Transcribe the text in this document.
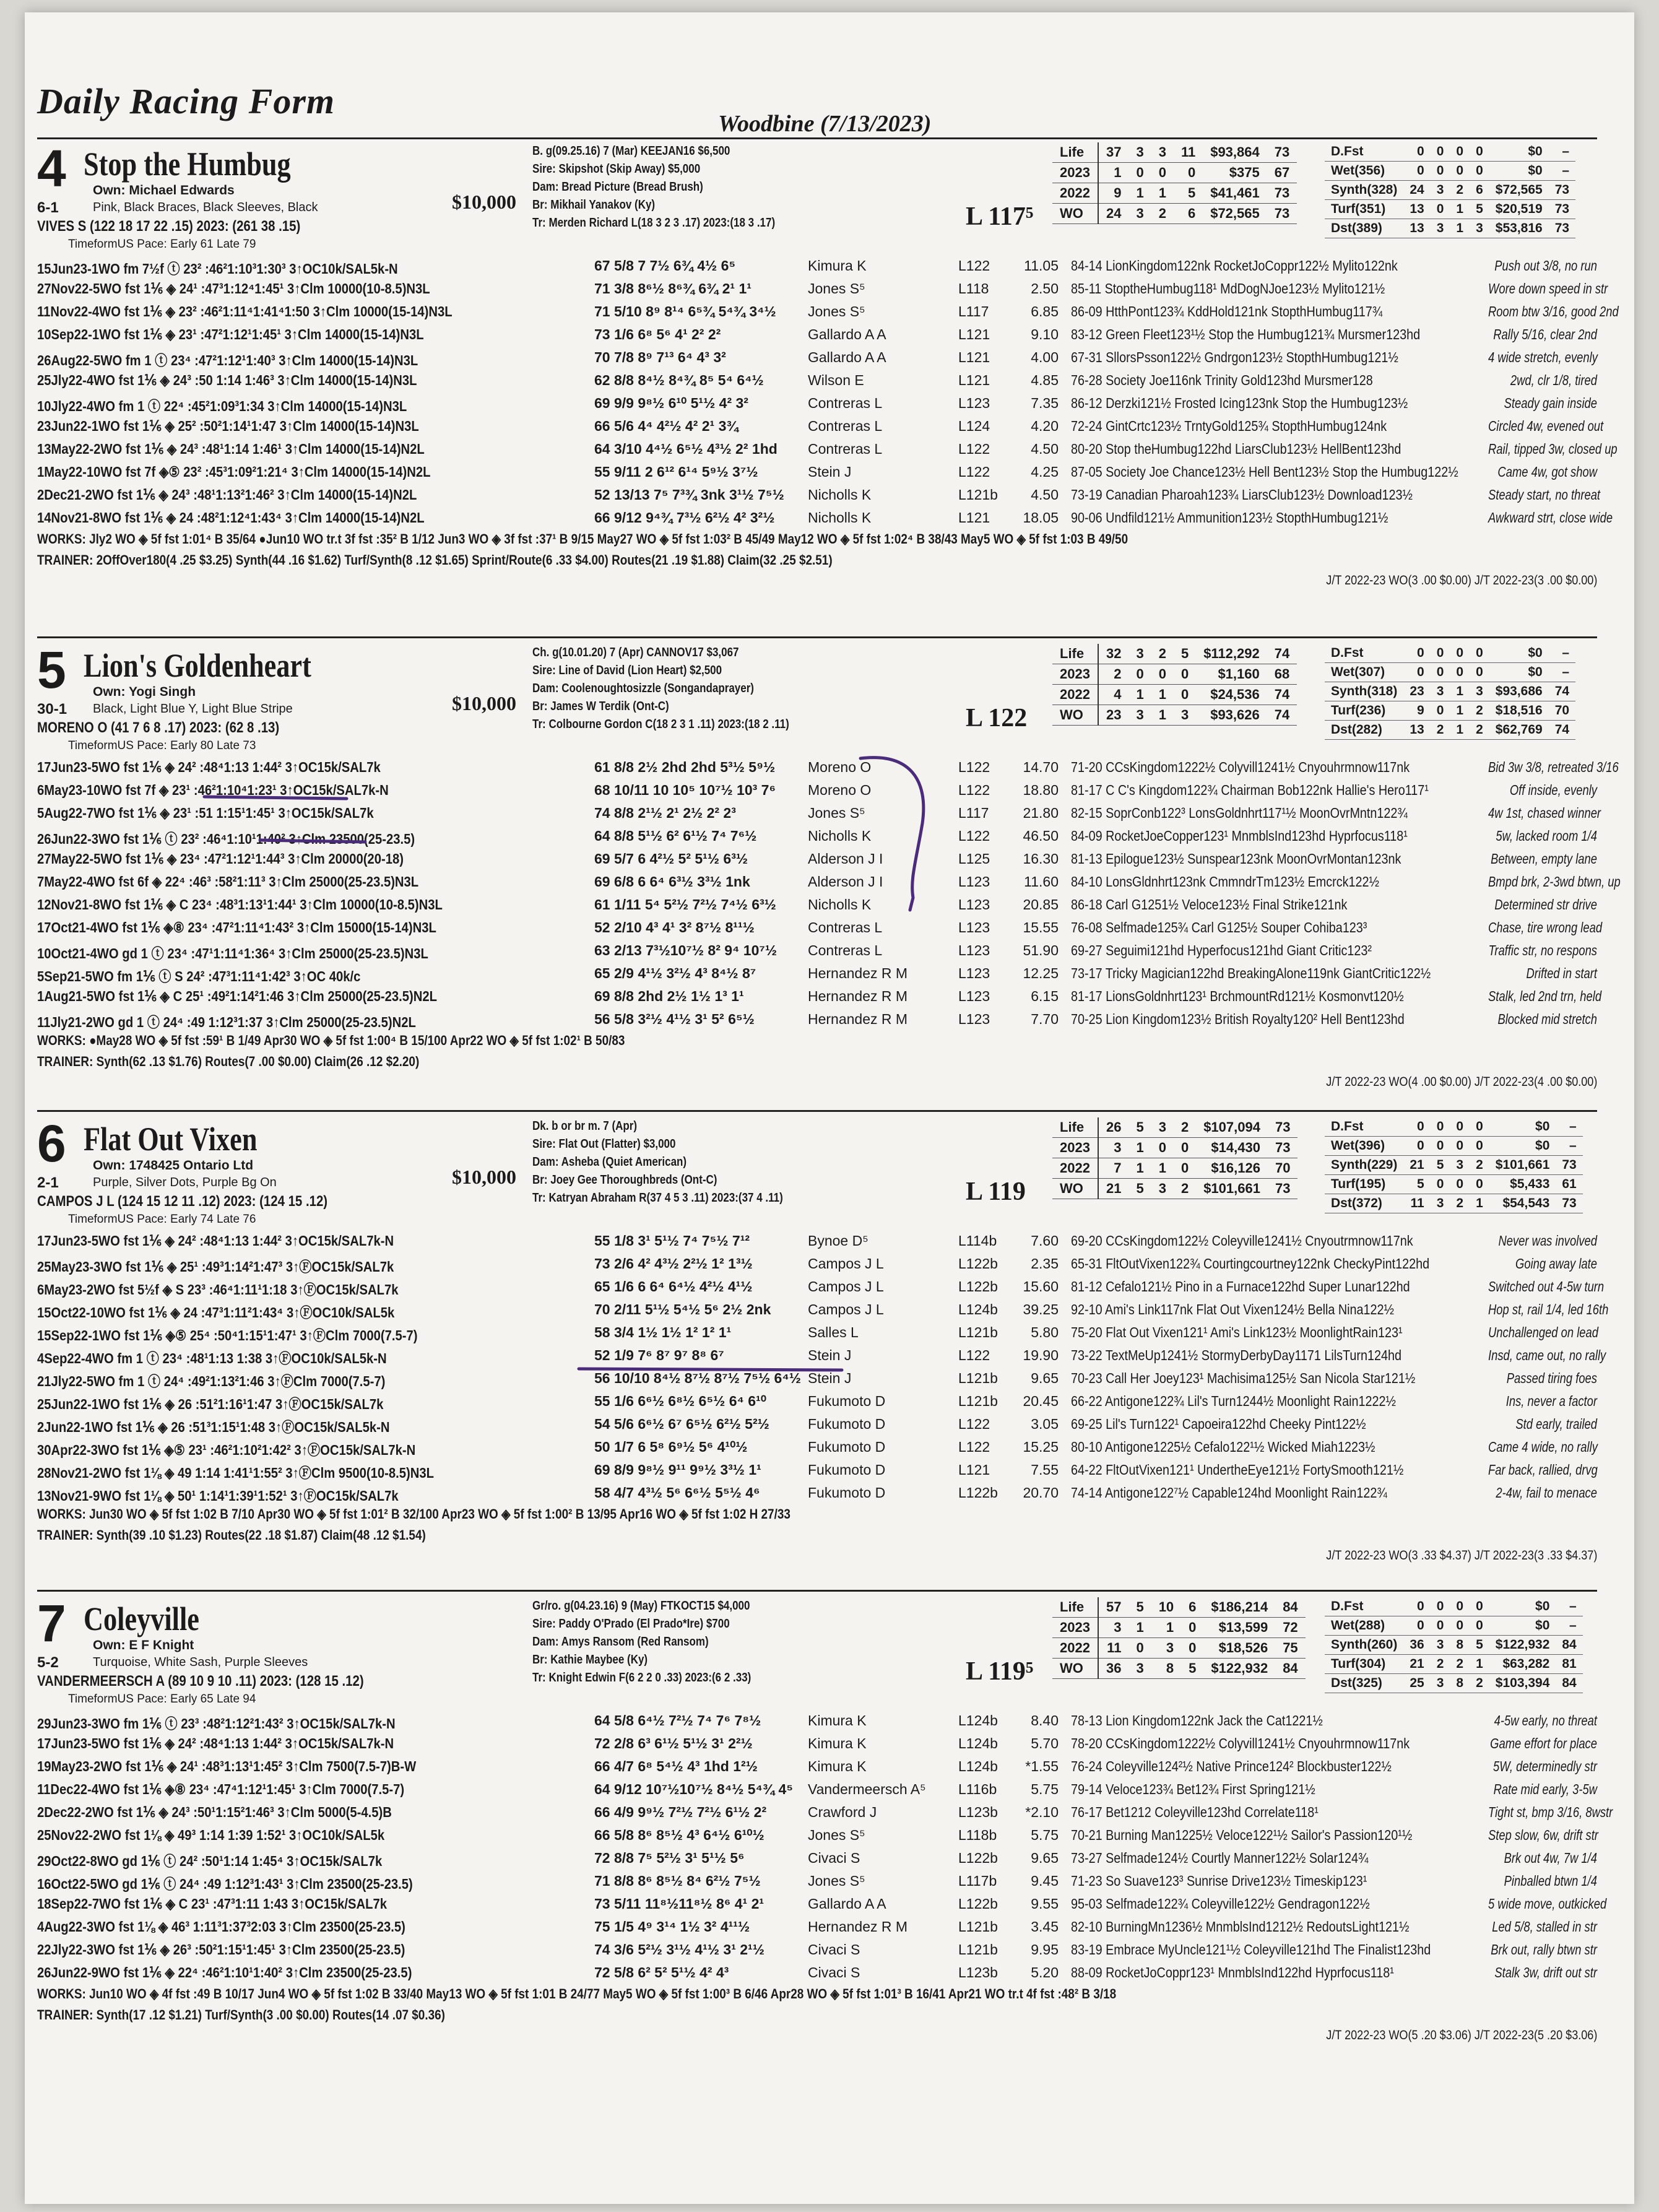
Daily Racing Form
Woodbine (7/13/2023)
4 Stop the Humbug
Own: Michael Edwards
6-1	Pink, Black Braces, Black Sleeves, Black
VIVES S (122 18 17 22 .15) 2023: (261 38 .15)
TimeformUS Pace: Early 61 Late 79
$10,000
L 117⁵
B. g(09.25.16) 7 (Mar) KEEJAN16 $6,500
Sire: Skipshot (Skip Away) $5,000
Dam: Bread Picture (Bread Brush)
Br: Mikhail Yanakov (Ky)
Tr: Merden Richard L(18 3 2 3 .17) 2023:(18 3 .17)
Life	37	3	3	11	$93,864	73
2023	1	0	0	0	$375	67
2022	9	1	1	5	$41,461	73
WO	24	3	2	6	$72,565	73
D.Fst	0	0	0	0	$0	–
Wet(356)	0	0	0	0	$0	–
Synth(328)	24	3	2	6	$72,565	73
Turf(351)	13	0	1	5	$20,519	73
Dst(389)	13	3	1	3	$53,816	73
15Jun23-1WO fm 7½f ⓣ 23² :46²1:10³1:30³ 3↑OC10k/SAL5k-N	67 5/8 7 7½ 6¾ 4½ 6⁵	Kimura K	L122	11.05 84-14 LionKingdom122nk RocketJoCoppr122½ Mylito122nk	Push out 3/8, no run
27Nov22-5WO fst 1⅙ ◈ 24¹ :47³1:12⁴1:45¹ 3↑Clm 10000(10-8.5)N3L	71 3/8 8⁶½ 8⁶¾ 6¾ 2¹ 1¹	Jones S⁵	L118	2.50 85-11 StoptheHumbug118¹ MdDogNJoe123½ Mylito121½	Wore down speed in str
11Nov22-4WO fst 1⅙ ◈ 23² :46²1:11⁴1:41⁴1:50 3↑Clm 10000(15-14)N3L	71 5/10 8⁹ 8¹⁴ 6⁵¾ 5⁴¾ 3⁴½	Jones S⁵	L117	6.85 86-09 HtthPont123¾ KddHold121nk StopthHumbug117¾	Room btw 3/16, good 2nd
10Sep22-1WO fst 1⅙ ◈ 23¹ :47²1:12¹1:45¹ 3↑Clm 14000(15-14)N3L	73 1/6 6⁸ 5⁶ 4¹ 2² 2²	Gallardo A A	L121	9.10 83-12 Green Fleet123¹½ Stop the Humbug121¾ Mursmer123hd	Rally 5/16, clear 2nd
26Aug22-5WO fm 1 ⓣ 23⁴ :47²1:12¹1:40³ 3↑Clm 14000(15-14)N3L	70 7/8 8⁹ 7¹³ 6⁴ 4³ 3²	Gallardo A A	L121	4.00 67-31 SllorsPsson122½ Gndrgon123½ StopthHumbug121½	4 wide stretch, evenly
25Jly22-4WO fst 1⅙ ◈ 24³ :50 1:14 1:46³ 3↑Clm 14000(15-14)N3L	62 8/8 8⁴½ 8⁴¾ 8⁵ 5⁴ 6⁴½	Wilson E	L121	4.85 76-28 Society Joe116nk Trinity Gold123hd Mursmer128	2wd, clr 1/8, tired
10Jly22-4WO fm 1 ⓣ 22⁴ :45²1:09³1:34 3↑Clm 14000(15-14)N3L	69 9/9 9⁸½ 6¹⁰ 5¹½ 4² 3²	Contreras L	L123	7.35 86-12 Derzki121½ Frosted Icing123nk Stop the Humbug123½	Steady gain inside
23Jun22-1WO fst 1⅙ ◈ 25² :50²1:14¹1:47 3↑Clm 14000(15-14)N3L	66 5/6 4⁴ 4²½ 4² 2¹ 3¾	Contreras L	L124	4.20 72-24 GintCrtc123½ TrntyGold125¾ StopthHumbug124nk	Circled 4w, evened out
13May22-2WO fst 1⅙ ◈ 24³ :48¹1:14 1:46¹ 3↑Clm 14000(15-14)N2L	64 3/10 4⁴½ 6⁵½ 4³½ 2² 1hd	Contreras L	L122	4.50 80-20 Stop theHumbug122hd LiarsClub123½ HellBent123hd	Rail, tipped 3w, closed up
1May22-10WO fst 7f ◈⑤ 23² :45³1:09²1:21⁴ 3↑Clm 14000(15-14)N2L	55 9/11 2 6¹² 6¹⁴ 5⁹½ 3⁷½	Stein J	L122	4.25 87-05 Society Joe Chance123½ Hell Bent123½ Stop the Humbug122½	Came 4w, got show
2Dec21-2WO fst 1⅙ ◈ 24³ :48¹1:13²1:46² 3↑Clm 14000(15-14)N2L	52 13/13 7⁵ 7³¾ 3nk 3¹½ 7⁵½	Nicholls K	L121b	4.50 73-19 Canadian Pharoah123¾ LiarsClub123½ Download123½	Steady start, no threat
14Nov21-8WO fst 1⅙ ◈ 24 :48²1:12⁴1:43⁴ 3↑Clm 14000(15-14)N2L	66 9/12 9⁴¾ 7³½ 6²½ 4² 3²½	Nicholls K	L121	18.05 90-06 Undfild121½ Ammunition123½ StopthHumbug121½	Awkward strt, close wide
WORKS: Jly2 WO ◈ 5f fst 1:01⁴ B 35/64 ●Jun10 WO tr.t 3f fst :35² B 1/12 Jun3 WO ◈ 3f fst :37¹ B 9/15 May27 WO ◈ 5f fst 1:03² B 45/49 May12 WO ◈ 5f fst 1:02⁴ B 38/43 May5 WO ◈ 5f fst 1:03 B 49/50
TRAINER: 2OffOver180(4 .25 $3.25) Synth(44 .16 $1.62) Turf/Synth(8 .12 $1.65) Sprint/Route(6 .33 $4.00) Routes(21 .19 $1.88) Claim(32 .25 $2.51)
J/T 2022-23 WO(3 .00 $0.00) J/T 2022-23(3 .00 $0.00)
5 Lion's Goldenheart
Own: Yogi Singh
30-1 Black, Light Blue Y, Light Blue Stripe
MORENO O (41 7 6 8 .17) 2023: (62 8 .13)
TimeformUS Pace: Early 80 Late 73
$10,000
L 122
Ch. g(10.01.20) 7 (Apr) CANNOV17 $3,067
Sire: Line of David (Lion Heart) $2,500
Dam: Coolenoughtosizzle (Songandaprayer)
Br: James W Terdik (Ont-C)
Tr: Colbourne Gordon C(18 2 3 1 .11) 2023:(18 2 .11)
Life	32	3	2	5	$112,292	74
2023	2	0	0	0	$1,160	68
2022	4	1	1	0	$24,536	74
WO	23	3	1	3	$93,626	74
D.Fst	0	0	0	0	$0	–
Wet(307)	0	0	0	0	$0	–
Synth(318)	23	3	1	3	$93,686	74
Turf(236)	9	0	1	2	$18,516	70
Dst(282)	13	2	1	2	$62,769	74
17Jun23-5WO fst 1⅙ ◈ 24² :48⁴1:13 1:44² 3↑OC15k/SAL7k	61 8/8 2½ 2hd 2hd 5³½ 5⁹½	Moreno O	L122	14.70 71-20 CCsKingdom1222½ Colyvill1241½ Cnyouhrmnow117nk	Bid 3w 3/8, retreated 3/16
6May23-10WO fst 7f ◈ 23¹ :46²1:10⁴1:23¹ 3↑OC15k/SAL7k-N	68 10/11 10 10⁵ 10⁷½ 10³ 7⁶	Moreno O	L122	18.80 81-17 C C's Kingdom122¾ Chairman Bob122nk Hallie's Hero117¹	Off inside, evenly
5Aug22-7WO fst 1⅙ ◈ 23¹ :51 1:15¹1:45¹ 3↑OC15k/SAL7k	74 8/8 2¹½ 2¹ 2½ 2² 2³	Jones S⁵	L117	21.80 82-15 SoprConb122³ LonsGoldnhrt117¹½ MoonOvrMntn122¾	4w 1st, chased winner
26Jun22-3WO fst 1⅙ ⓣ 23² :46⁴1:10¹1:40² 3↑Clm 23500(25-23.5)	64 8/8 5¹½ 6² 6¹½ 7⁴ 7⁶½	Nicholls K	L122	46.50 84-09 RocketJoeCopper123¹ MnmblsInd123hd Hyprfocus118¹	5w, lacked room 1/4
27May22-5WO fst 1⅙ ◈ 23⁴ :47²1:12¹1:44³ 3↑Clm 20000(20-18)	69 5/7 6 4²½ 5² 5¹½ 6³½	Alderson J I	L125	16.30 81-13 Epilogue123½ Sunspear123nk MoonOvrMontan123nk	Between, empty lane
7May22-4WO fst 6f ◈ 22⁴ :46³ :58²1:11³ 3↑Clm 25000(25-23.5)N3L	69 6/8 6 6⁴ 6³½ 3³½ 1nk	Alderson J I	L123	11.60 84-10 LonsGldnhrt123nk CmmndrTm123½ Emcrck122½	Bmpd brk, 2-3wd btwn, up
12Nov21-8WO fst 1⅙ ◈ C 23⁴ :48³1:13¹1:44¹ 3↑Clm 10000(10-8.5)N3L	61 1/11 5⁴ 5²½ 7²½ 7⁴½ 6³½	Nicholls K	L123	20.85 86-18 Carl G1251½ Veloce123½ Final Strike121nk	Determined str drive
17Oct21-4WO fst 1⅙ ◈⑧ 23⁴ :47²1:11⁴1:43² 3↑Clm 15000(15-14)N3L	52 2/10 4³ 4¹ 3² 8⁷½ 8¹¹½	Contreras L	L123	15.55 76-08 Selfmade125¾ Carl G125½ Souper Cohiba123³	Chase, tire wrong lead
10Oct21-4WO gd 1 ⓣ 23⁴ :47¹1:11⁴1:36⁴ 3↑Clm 25000(25-23.5)N3L	63 2/13 7³½10⁷½ 8² 9⁴ 10⁷½	Contreras L	L123	51.90 69-27 Seguimi121hd Hyperfocus121hd Giant Critic123²	Traffic str, no respons
5Sep21-5WO fm 1⅙ ⓣ S 24² :47³1:11⁴1:42³ 3↑OC 40k/c	65 2/9 4¹½ 3²½ 4³ 8⁴½ 8⁷	Hernandez R M	L123	12.25 73-17 Tricky Magician122hd BreakingAlone119nk GiantCritic122½	Drifted in start
1Aug21-5WO fst 1⅙ ◈ C 25¹ :49²1:14²1:46 3↑Clm 25000(25-23.5)N2L	69 8/8 2hd 2½ 1½ 1³ 1¹	Hernandez R M	L123	6.15 81-17 LionsGoldnhrt123¹ BrchmountRd121½ Kosmonvt120½	Stalk, led 2nd trn, held
11Jly21-2WO gd 1 ⓣ 24⁴ :49 1:12³1:37 3↑Clm 25000(25-23.5)N2L	56 5/8 3²½ 4¹½ 3¹ 5² 6⁵½	Hernandez R M	L123	7.70 70-25 Lion Kingdom123½ British Royalty120² Hell Bent123hd	Blocked mid stretch
WORKS: ●May28 WO ◈ 5f fst :59¹ B 1/49 Apr30 WO ◈ 5f fst 1:00⁴ B 15/100 Apr22 WO ◈ 5f fst 1:02¹ B 50/83
TRAINER: Synth(62 .13 $1.76) Routes(7 .00 $0.00) Claim(26 .12 $2.20)
J/T 2022-23 WO(4 .00 $0.00) J/T 2022-23(4 .00 $0.00)
6 Flat Out Vixen
Own: 1748425 Ontario Ltd
2-1	Purple, Silver Dots, Purple Bg On
CAMPOS J L (124 15 12 11 .12) 2023: (124 15 .12)
TimeformUS Pace: Early 74 Late 76
$10,000
L 119
Dk. b or br m. 7 (Apr)
Sire: Flat Out (Flatter) $3,000
Dam: Asheba (Quiet American)
Br: Joey Gee Thoroughbreds (Ont-C)
Tr: Katryan Abraham R(37 4 5 3 .11) 2023:(37 4 .11)
Life	26	5	3	2	$107,094	73
2023	3	1	0	0	$14,430	73
2022	7	1	1	0	$16,126	70
WO	21	5	3	2	$101,661	73
D.Fst	0	0	0	0	$0	–
Wet(396)	0	0	0	0	$0	–
Synth(229)	21	5	3	2	$101,661	73
Turf(195)	5	0	0	0	$5,433	61
Dst(372)	11	3	2	1	$54,543	73
17Jun23-5WO fst 1⅙ ◈ 24² :48⁴1:13 1:44² 3↑OC15k/SAL7k-N	55 1/8 3¹ 5¹½ 7⁴ 7⁵½ 7¹²	Bynoe D⁵	L114b	7.60 69-20 CCsKingdom122½ Coleyville1241½ Cnyoutrmnow117nk	Never was involved
25May23-3WO fst 1⅙ ◈ 25¹ :49³1:14²1:47³ 3↑ⒻOC15k/SAL7k	73 2/6 4² 4³½ 2²½ 1² 1³½	Campos J L	L122b	2.35 65-31 FltOutVixen122¾ Courtingcourtney122nk CheckyPint122hd	Going away late
6May23-2WO fst 5½f ◈ S 23³ :46⁴1:11¹1:18 3↑ⒻOC15k/SAL7k	65 1/6 6 6⁴ 6⁴½ 4²½ 4¹½	Campos J L	L122b	15.60 81-12 Cefalo121½ Pino in a Furnace122hd Super Lunar122hd	Switched out 4-5w turn
15Oct22-10WO fst 1⅙ ◈ 24 :47³1:11²1:43⁴ 3↑ⒻOC10k/SAL5k	70 2/11 5¹½ 5⁴½ 5⁶ 2½ 2nk	Campos J L	L124b	39.25 92-10 Ami's Link117nk Flat Out Vixen124½ Bella Nina122½	Hop st, rail 1/4, led 16th
15Sep22-1WO fst 1⅙ ◈⑤ 25⁴ :50⁴1:15¹1:47¹ 3↑ⒻClm 7000(7.5-7)	58 3/4 1½ 1½ 1² 1² 1¹	Salles L	L121b	5.80 75-20 Flat Out Vixen121¹ Ami's Link123½ MoonlightRain123¹	Unchallenged on lead
4Sep22-4WO fm 1 ⓣ 23⁴ :48¹1:13 1:38 3↑ⒻOC10k/SAL5k-N	52 1/9 7⁶ 8⁷ 9⁷ 8⁸ 6⁷	Stein J	L122	19.90 73-22 TextMeUp1241½ StormyDerbyDay1171 LilsTurn124hd	Insd, came out, no rally
21Jly22-5WO fm 1 ⓣ 24⁴ :49²1:13²1:46 3↑ⒻClm 7000(7.5-7)	56 10/10 8⁴½ 8⁷½ 8⁷½ 7⁵½ 6⁴½ Stein J	L121b	9.65 70-23 Call Her Joey123¹ Machisima125½ San Nicola Star121½	Passed tiring foes
25Jun22-1WO fst 1⅙ ◈ 26 :51²1:16¹1:47 3↑ⒻOC15k/SAL7k	55 1/6 6⁶½ 6⁸½ 6⁵½ 6⁴ 6¹⁰	Fukumoto D	L121b	20.45 66-22 Antigone122¾ Lil's Turn1244½ Moonlight Rain1222½	Ins, never a factor
2Jun22-1WO fst 1⅙ ◈ 26 :51³1:15¹1:48 3↑ⒻOC15k/SAL5k-N	54 5/6 6⁶½ 6⁷ 6⁵½ 6²½ 5²½	Fukumoto D	L122	3.05 69-25 Lil's Turn122¹ Capoeira122hd Cheeky Pint122½	Std early, trailed
30Apr22-3WO fst 1⅙ ◈⑤ 23¹ :46²1:10²1:42² 3↑ⒻOC15k/SAL7k-N	50 1/7 6 5⁸ 6⁹½ 5⁶ 4¹⁰½	Fukumoto D	L122	15.25 80-10 Antigone1225½ Cefalo122¹½ Wicked Miah1223½	Came 4 wide, no rally
28Nov21-2WO fst 1⅛ ◈ 49 1:14 1:41¹1:55² 3↑ⒻClm 9500(10-8.5)N3L	69 8/9 9⁸½ 9¹¹ 9⁹½ 3³½ 1¹	Fukumoto D	L121	7.55 64-22 FltOutVixen121¹ UndertheEye121½ FortySmooth121½	Far back, rallied, drvg
13Nov21-9WO fst 1⅛ ◈ 50¹ 1:14¹1:39¹1:52¹ 3↑ⒻOC15k/SAL7k	58 4/7 4³½ 5⁶ 6⁶½ 5⁵½ 4⁶	Fukumoto D	L122b	20.70 74-14 Antigone122⁷½ Capable124hd Moonlight Rain122¾	2-4w, fail to menace
WORKS: Jun30 WO ◈ 5f fst 1:02 B 7/10 Apr30 WO ◈ 5f fst 1:01² B 32/100 Apr23 WO ◈ 5f fst 1:00² B 13/95 Apr16 WO ◈ 5f fst 1:02 H 27/33
TRAINER: Synth(39 .10 $1.23) Routes(22 .18 $1.87) Claim(48 .12 $1.54)
J/T 2022-23 WO(3 .33 $4.37) J/T 2022-23(3 .33 $4.37)
7 Coleyville
Own: E F Knight
5-2	Turquoise, White Sash, Purple Sleeves
VANDERMEERSCH A (89 10 9 10 .11) 2023: (128 15 .12)
TimeformUS Pace: Early 65 Late 94
L 119⁵
Gr/ro. g(04.23.16) 9 (May) FTKOCT15 $4,000
Sire: Paddy O'Prado (El Prado*Ire) $700
Dam: Amys Ransom (Red Ransom)
Br: Kathie Maybee (Ky)
Tr: Knight Edwin F(6 2 2 0 .33) 2023:(6 2 .33)
Life	57	5	10	6	$186,214	84
2023	3	1	1	0	$13,599	72
2022	11	0	3	0	$18,526	75
WO	36	3	8	5	$122,932	84
D.Fst	0	0	0	0	$0	–
Wet(288)	0	0	0	0	$0	–
Synth(260)	36	3	8	5	$122,932	84
Turf(304)	21	2	2	1	$63,282	81
Dst(325)	25	3	8	2	$103,394	84
29Jun23-3WO fm 1⅙ ⓣ 23³ :48²1:12²1:43² 3↑OC15k/SAL7k-N	64 5/8 6⁴½ 7²½ 7⁴ 7⁶ 7⁸½	Kimura K	L124b	8.40 78-13 Lion Kingdom122nk Jack the Cat1221½	4-5w early, no threat
17Jun23-5WO fst 1⅙ ◈ 24² :48⁴1:13 1:44² 3↑OC15k/SAL7k-N	72 2/8 6³ 6¹½ 5¹½ 3¹ 2²½	Kimura K	L124b	5.70 78-20 CCsKingdom1222½ Colyvill1241½ Cnyouhrmnow117nk	Game effort for place
19May23-2WO fst 1⅙ ◈ 24¹ :48³1:13¹1:45² 3↑Clm 7500(7.5-7)B-W	66 4/7 6⁸ 5⁴½ 4³ 1hd 1²½	Kimura K	L124b	*1.55 76-24 Coleyville124²½ Native Prince124² Blockbuster122½	5W, determinedly str
11Dec22-4WO fst 1⅙ ◈⑧ 23⁴ :47⁴1:12¹1:45¹ 3↑Clm 7000(7.5-7)	64 9/12 10⁷½10⁷½ 8⁴½ 5⁴¾ 4⁵	Vandermeersch A⁵	L116b	5.75 79-14 Veloce123¾ Bet12¾ First Spring121½	Rate mid early, 3-5w
2Dec22-2WO fst 1⅙ ◈ 24³ :50¹1:15²1:46³ 3↑Clm 5000(5-4.5)B	66 4/9 9⁹½ 7²½ 7²½ 6¹½ 2²	Crawford J	L123b	*2.10 76-17 Bet1212 Coleyville123hd Correlate118¹	Tight st, bmp 3/16, 8wstr
25Nov22-2WO fst 1⅛ ◈ 49³ 1:14 1:39 1:52¹ 3↑OC10k/SAL5k	66 5/8 8⁶ 8⁵½ 4³ 6⁴½ 6¹⁰½	Jones S⁵	L118b	5.75 70-21 Burning Man1225½ Veloce122¹½ Sailor's Passion120¹½	Step slow, 6w, drift str
29Oct22-8WO gd 1⅙ ⓣ 24² :50¹1:14 1:45⁴ 3↑OC15k/SAL7k	72 8/8 7⁵ 5²½ 3¹ 5¹½ 5⁶	Civaci S	L122b	9.65 73-27 Selfmade124½ Courtly Manner122½ Solar124¾	Brk out 4w, 7w 1/4
16Oct22-5WO gd 1⅙ ⓣ 24⁴ :49 1:12³1:43¹ 3↑Clm 23500(25-23.5)	71 8/8 8⁶ 8⁵½ 8⁴ 6²½ 7⁵½	Jones S⁵	L117b	9.45 71-23 So Suave123³ Sunrise Drive123½ Timeskip123¹	Pinballed btwn 1/4
18Sep22-7WO fst 1⅙ ◈ C 23¹ :47³1:11 1:43 3↑OC15k/SAL7k	73 5/11 11⁸½11⁸½ 8⁶ 4¹ 2¹	Gallardo A A	L122b	9.55 95-03 Selfmade122¾ Coleyville122½ Gendragon122½	5 wide move, outkicked
4Aug22-3WO fst 1⅛ ◈ 46³ 1:11³1:37³2:03 3↑Clm 23500(25-23.5)	75 1/5 4⁹ 3¹⁴ 1½ 3² 4¹¹½	Hernandez R M	L121b	3.45 82-10 BurningMn1236½ MnmblsInd1212½ RedoutsLight121½	Led 5/8, stalled in str
22Jly22-3WO fst 1⅙ ◈ 26³ :50²1:15¹1:45¹ 3↑Clm 23500(25-23.5)	74 3/6 5²½ 3¹½ 4¹½ 3¹ 2¹½	Civaci S	L121b	9.95 83-19 Embrace MyUncle121¹½ Coleyville121hd The Finalist123hd	Brk out, rally btwn str
26Jun22-9WO fst 1⅙ ◈ 22⁴ :46²1:10¹1:40² 3↑Clm 23500(25-23.5)	72 5/8 6² 5² 5¹½ 4² 4³	Civaci S	L123b	5.20 88-09 RocketJoCoppr123¹ MnmblsInd122hd Hyprfocus118¹	Stalk 3w, drift out str
WORKS: Jun10 WO ◈ 4f fst :49 B 10/17 Jun4 WO ◈ 5f fst 1:02 B 33/40 May13 WO ◈ 5f fst 1:01 B 24/77 May5 WO ◈ 5f fst 1:00³ B 6/46 Apr28 WO ◈ 5f fst 1:01³ B 16/41 Apr21 WO tr.t 4f fst :48² B 3/18
TRAINER: Synth(17 .12 $1.21) Turf/Synth(3 .00 $0.00) Routes(14 .07 $0.36)
J/T 2022-23 WO(5 .20 $3.06) J/T 2022-23(5 .20 $3.06)
